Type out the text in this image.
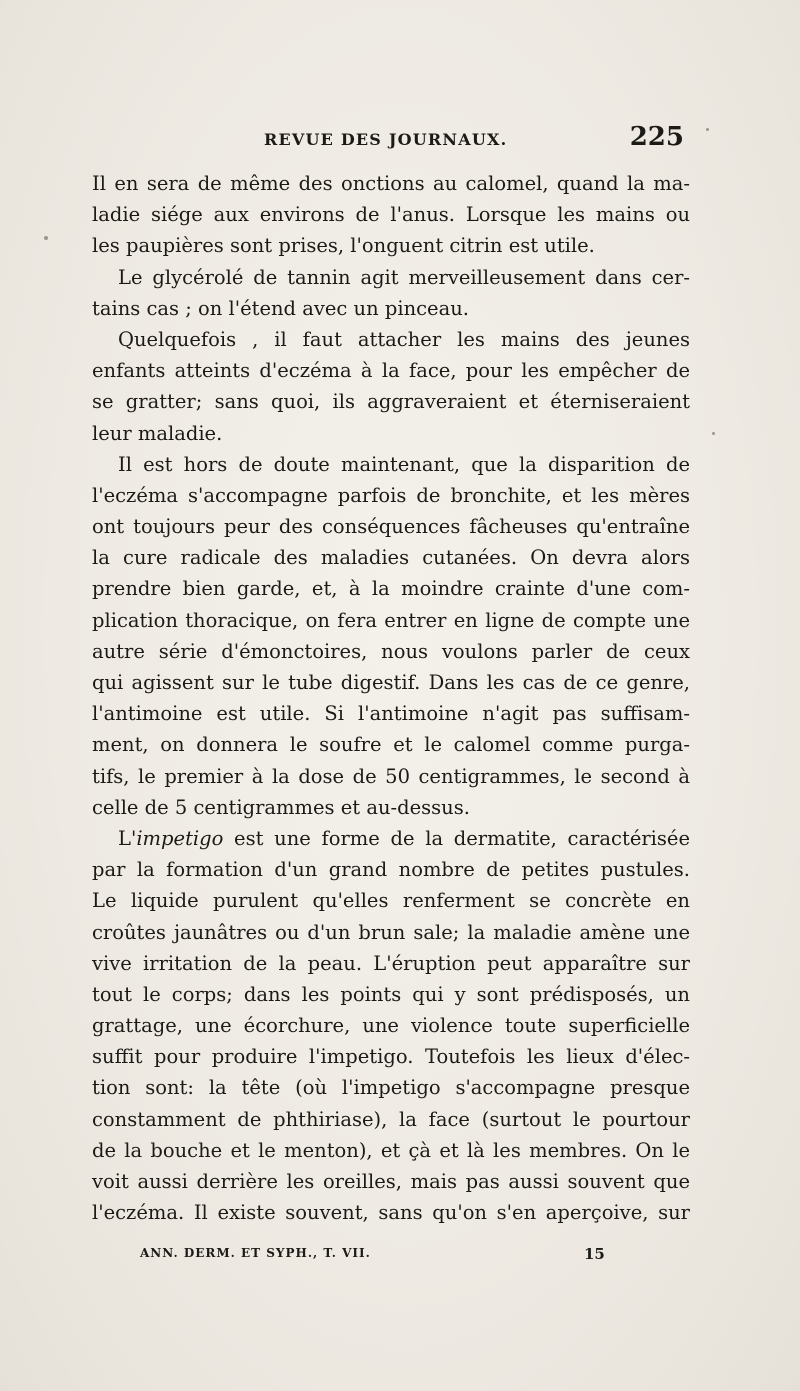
REVUE DES JOURNAUX.	225
Il en sera de même des onctions au calomel, quand la ma-
ladie siége aux environs de l'anus. Lorsque les mains ou
les paupières sont prises, l'onguent citrin est utile.
Le glycérolé de tannin agit merveilleusement dans cer-
tains cas ; on l'étend avec un pinceau.
Quelquefois , il faut attacher les mains des jeunes
enfants atteints d'eczéma à la face, pour les empêcher de
se gratter; sans quoi, ils aggraveraient et éterniseraient
leur maladie.
Il est hors de doute maintenant, que la disparition de
l'eczéma s'accompagne parfois de bronchite, et les mères
ont toujours peur des conséquences fâcheuses qu'entraîne
la cure radicale des maladies cutanées. On devra alors
prendre bien garde, et, à la moindre crainte d'une com-
plication thoracique, on fera entrer en ligne de compte une
autre série d'émonctoires, nous voulons parler de ceux
qui agissent sur le tube digestif. Dans les cas de ce genre,
l'antimoine est utile. Si l'antimoine n'agit pas suffisam-
ment, on donnera le soufre et le calomel comme purga-
tifs, le premier à la dose de 50 centigrammes, le second à
celle de 5 centigrammes et au-dessus.
L'impetigo est une forme de la dermatite, caractérisée
par la formation d'un grand nombre de petites pustules.
Le liquide purulent qu'elles renferment se concrète en
croûtes jaunâtres ou d'un brun sale; la maladie amène une
vive irritation de la peau. L'éruption peut apparaître sur
tout le corps; dans les points qui y sont prédisposés, un
grattage, une écorchure, une violence toute superficielle
suffit pour produire l'impetigo. Toutefois les lieux d'élec-
tion sont: la tête (où l'impetigo s'accompagne presque
constamment de phthiriase), la face (surtout le pourtour
de la bouche et le menton), et çà et là les membres. On le
voit aussi derrière les oreilles, mais pas aussi souvent que
l'eczéma. Il existe souvent, sans qu'on s'en aperçoive, sur
ANN. DERM. ET SYPH., T. VII.	15
